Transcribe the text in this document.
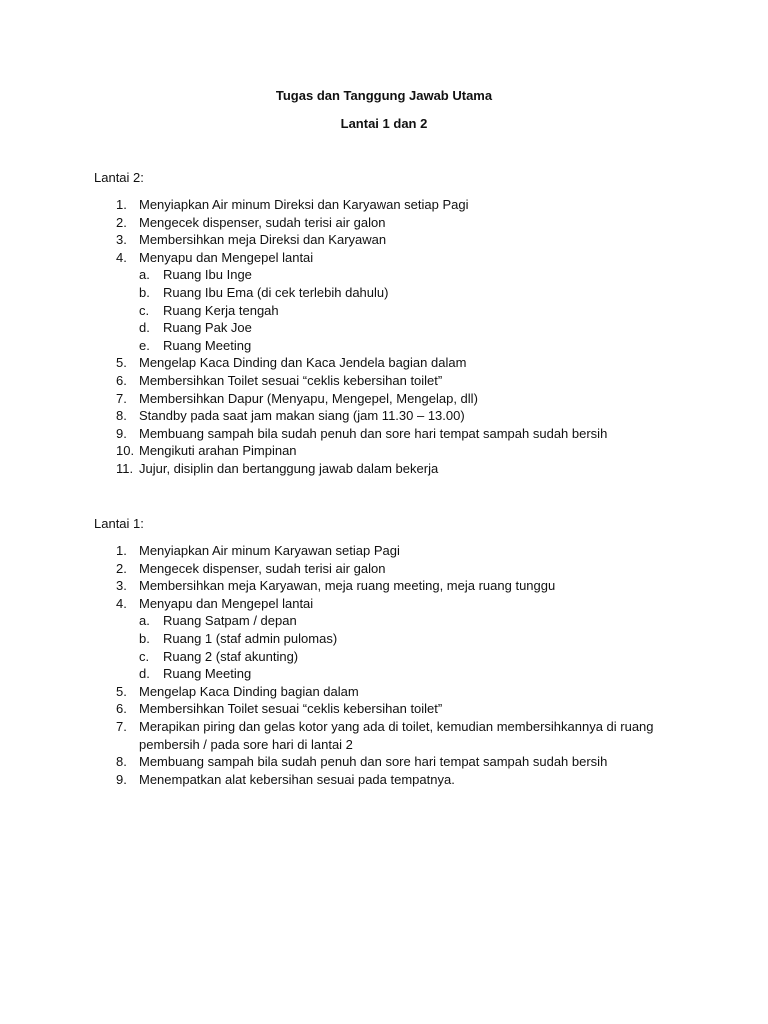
Tugas dan Tanggung Jawab Utama
Lantai 1 dan 2
Lantai 2:
1. Menyiapkan Air minum Direksi dan Karyawan setiap Pagi
2. Mengecek dispenser, sudah terisi air galon
3. Membersihkan meja Direksi dan Karyawan
4. Menyapu dan Mengepel lantai
a.	Ruang Ibu Inge
b.	Ruang Ibu Ema (di cek terlebih dahulu)
c.	Ruang Kerja tengah
d.	Ruang Pak Joe
e.	Ruang Meeting
5. Mengelap Kaca Dinding dan Kaca Jendela bagian dalam
6. Membersihkan Toilet sesuai “ceklis kebersihan toilet”
7. Membersihkan Dapur (Menyapu, Mengepel, Mengelap, dll)
8. Standby pada saat jam makan siang (jam 11.30 – 13.00)
9. Membuang sampah bila sudah penuh dan sore hari tempat sampah sudah bersih
10. Mengikuti arahan Pimpinan
11. Jujur, disiplin dan bertanggung jawab dalam bekerja
Lantai 1:
1. Menyiapkan Air minum Karyawan setiap Pagi
2. Mengecek dispenser, sudah terisi air galon
3. Membersihkan meja Karyawan, meja ruang meeting, meja ruang tunggu
4. Menyapu dan Mengepel lantai
a.	Ruang Satpam / depan
b.	Ruang 1 (staf admin pulomas)
c.	Ruang 2 (staf akunting)
d.	Ruang Meeting
5. Mengelap Kaca Dinding bagian dalam
6. Membersihkan Toilet sesuai “ceklis kebersihan toilet”
7. Merapikan piring dan gelas kotor yang ada di toilet, kemudian membersihkannya di ruang pembersih / pada sore hari di lantai 2
8. Membuang sampah bila sudah penuh dan sore hari tempat sampah sudah bersih
9. Menempatkan alat kebersihan sesuai pada tempatnya.
